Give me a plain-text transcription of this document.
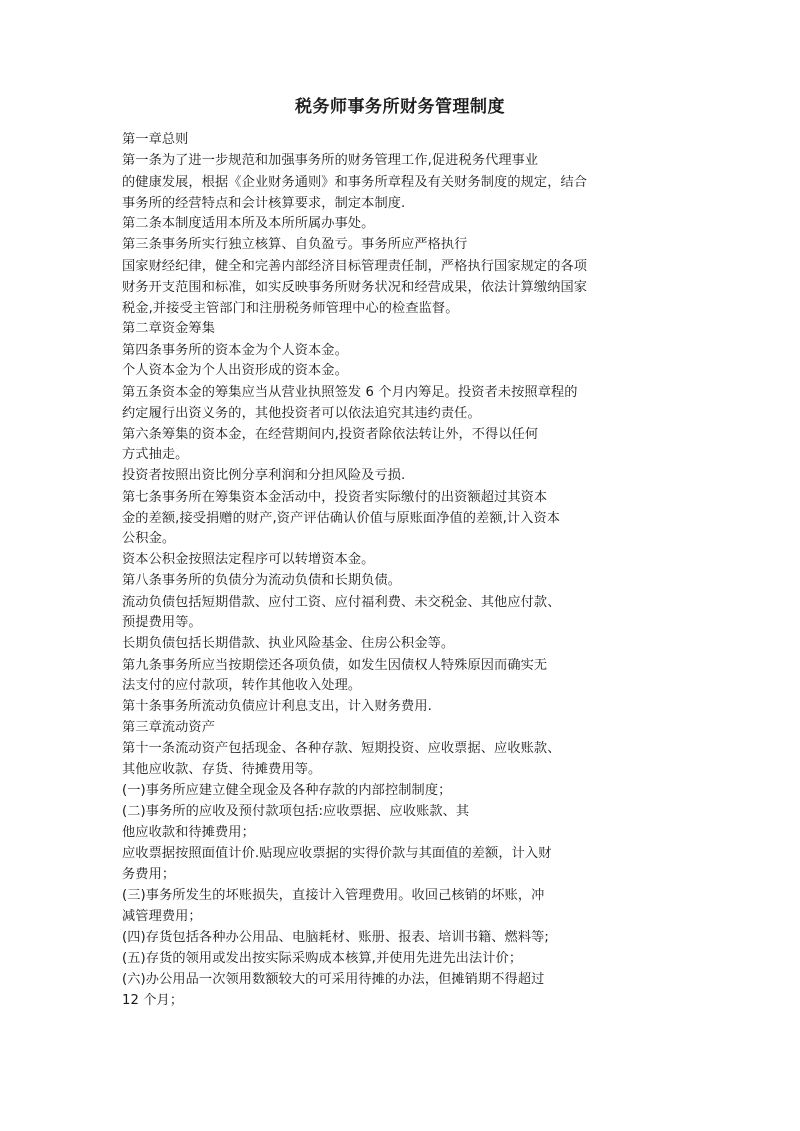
税务师事务所财务管理制度
第一章总则
第一条为了进一步规范和加强事务所的财务管理工作,促进税务代理事业
的健康发展，根据《企业财务通则》和事务所章程及有关财务制度的规定，结合
事务所的经营特点和会计核算要求，制定本制度.
第二条本制度适用本所及本所所属办事处。
第三条事务所实行独立核算、自负盈亏。事务所应严格执行
国家财经纪律，健全和完善内部经济目标管理责任制，严格执行国家规定的各项
财务开支范围和标准，如实反映事务所财务状况和经营成果，依法计算缴纳国家
税金,并接受主管部门和注册税务师管理中心的检查监督。
第二章资金筹集
第四条事务所的资本金为个人资本金。
个人资本金为个人出资形成的资本金。
第五条资本金的筹集应当从营业执照签发 6 个月内筹足。投资者未按照章程的
约定履行出资义务的，其他投资者可以依法追究其违约责任。
第六条筹集的资本金，在经营期间内,投资者除依法转让外，不得以任何
方式抽走。
投资者按照出资比例分享利润和分担风险及亏损.
第七条事务所在筹集资本金活动中，投资者实际缴付的出资额超过其资本
金的差额,接受捐赠的财产,资产评估确认价值与原账面净值的差额,计入资本
公积金。
资本公积金按照法定程序可以转增资本金。
第八条事务所的负债分为流动负债和长期负债。
流动负债包括短期借款、应付工资、应付福利费、未交税金、其他应付款、
预提费用等。
长期负债包括长期借款、执业风险基金、住房公积金等。
第九条事务所应当按期偿还各项负债，如发生因债权人特殊原因而确实无
法支付的应付款项，转作其他收入处理。
第十条事务所流动负债应计利息支出，计入财务费用.
第三章流动资产
第十一条流动资产包括现金、各种存款、短期投资、应收票据、应收账款、
其他应收款、存货、待摊费用等。
(一)事务所应建立健全现金及各种存款的内部控制制度；
(二)事务所的应收及预付款项包括:应收票据、应收账款、其
他应收款和待摊费用；
应收票据按照面值计价.贴现应收票据的实得价款与其面值的差额，计入财
务费用；
(三)事务所发生的坏账损失，直接计入管理费用。收回己核销的坏账，冲
减管理费用；
(四)存货包括各种办公用品、电脑耗材、账册、报表、培训书籍、燃料等;
(五)存货的领用或发出按实际采购成本核算,并使用先进先出法计价；
(六)办公用品一次领用数额较大的可采用待摊的办法，但摊销期不得超过
12 个月；
